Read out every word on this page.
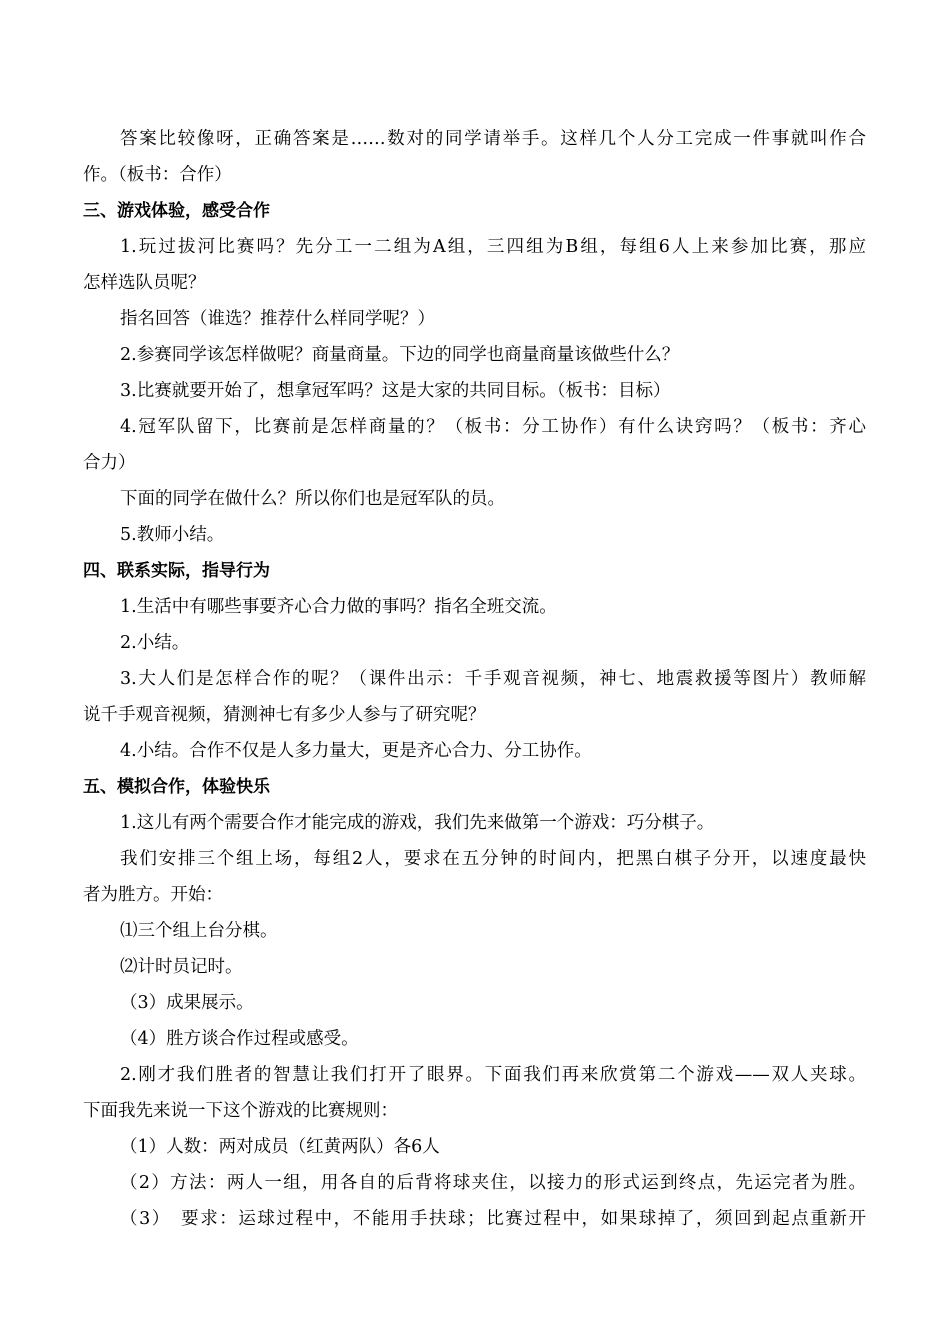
答案比较像呀，正确答案是……数对的同学请举手。这样几个人分工完成一件事就叫作合
作。（板书：合作）
三、游戏体验，感受合作
1.玩过拔河比赛吗？先分工一二组为A组，三四组为B组，每组6人上来参加比赛，那应
怎样选队员呢？
指名回答（谁选？推荐什么样同学呢？）
2.参赛同学该怎样做呢？商量商量。下边的同学也商量商量该做些什么？
3.比赛就要开始了，想拿冠军吗？这是大家的共同目标。（板书：目标）
4.冠军队留下，比赛前是怎样商量的？（板书：分工协作）有什么诀窍吗？（板书：齐心
合力）
下面的同学在做什么？所以你们也是冠军队的员。
5.教师小结。
四、联系实际，指导行为
1.生活中有哪些事要齐心合力做的事吗？指名全班交流。
2.小结。
3.大人们是怎样合作的呢？（课件出示：千手观音视频，神七、地震救援等图片）教师解
说千手观音视频，猜测神七有多少人参与了研究呢？
4.小结。合作不仅是人多力量大，更是齐心合力、分工协作。
五、模拟合作，体验快乐
1.这儿有两个需要合作才能完成的游戏，我们先来做第一个游戏：巧分棋子。
我们安排三个组上场，每组2人，要求在五分钟的时间内，把黑白棋子分开，以速度最快
者为胜方。开始：
⑴三个组上台分棋。
⑵计时员记时。
（3）成果展示。
（4）胜方谈合作过程或感受。
2.刚才我们胜者的智慧让我们打开了眼界。下面我们再来欣赏第二个游戏——双人夹球。
下面我先来说一下这个游戏的比赛规则：
（1）人数：两对成员（红黄两队）各6人
（2）方法：两人一组，用各自的后背将球夹住，以接力的形式运到终点，先运完者为胜。
（3）　要求：运球过程中，不能用手扶球；比赛过程中，如果球掉了，须回到起点重新开
